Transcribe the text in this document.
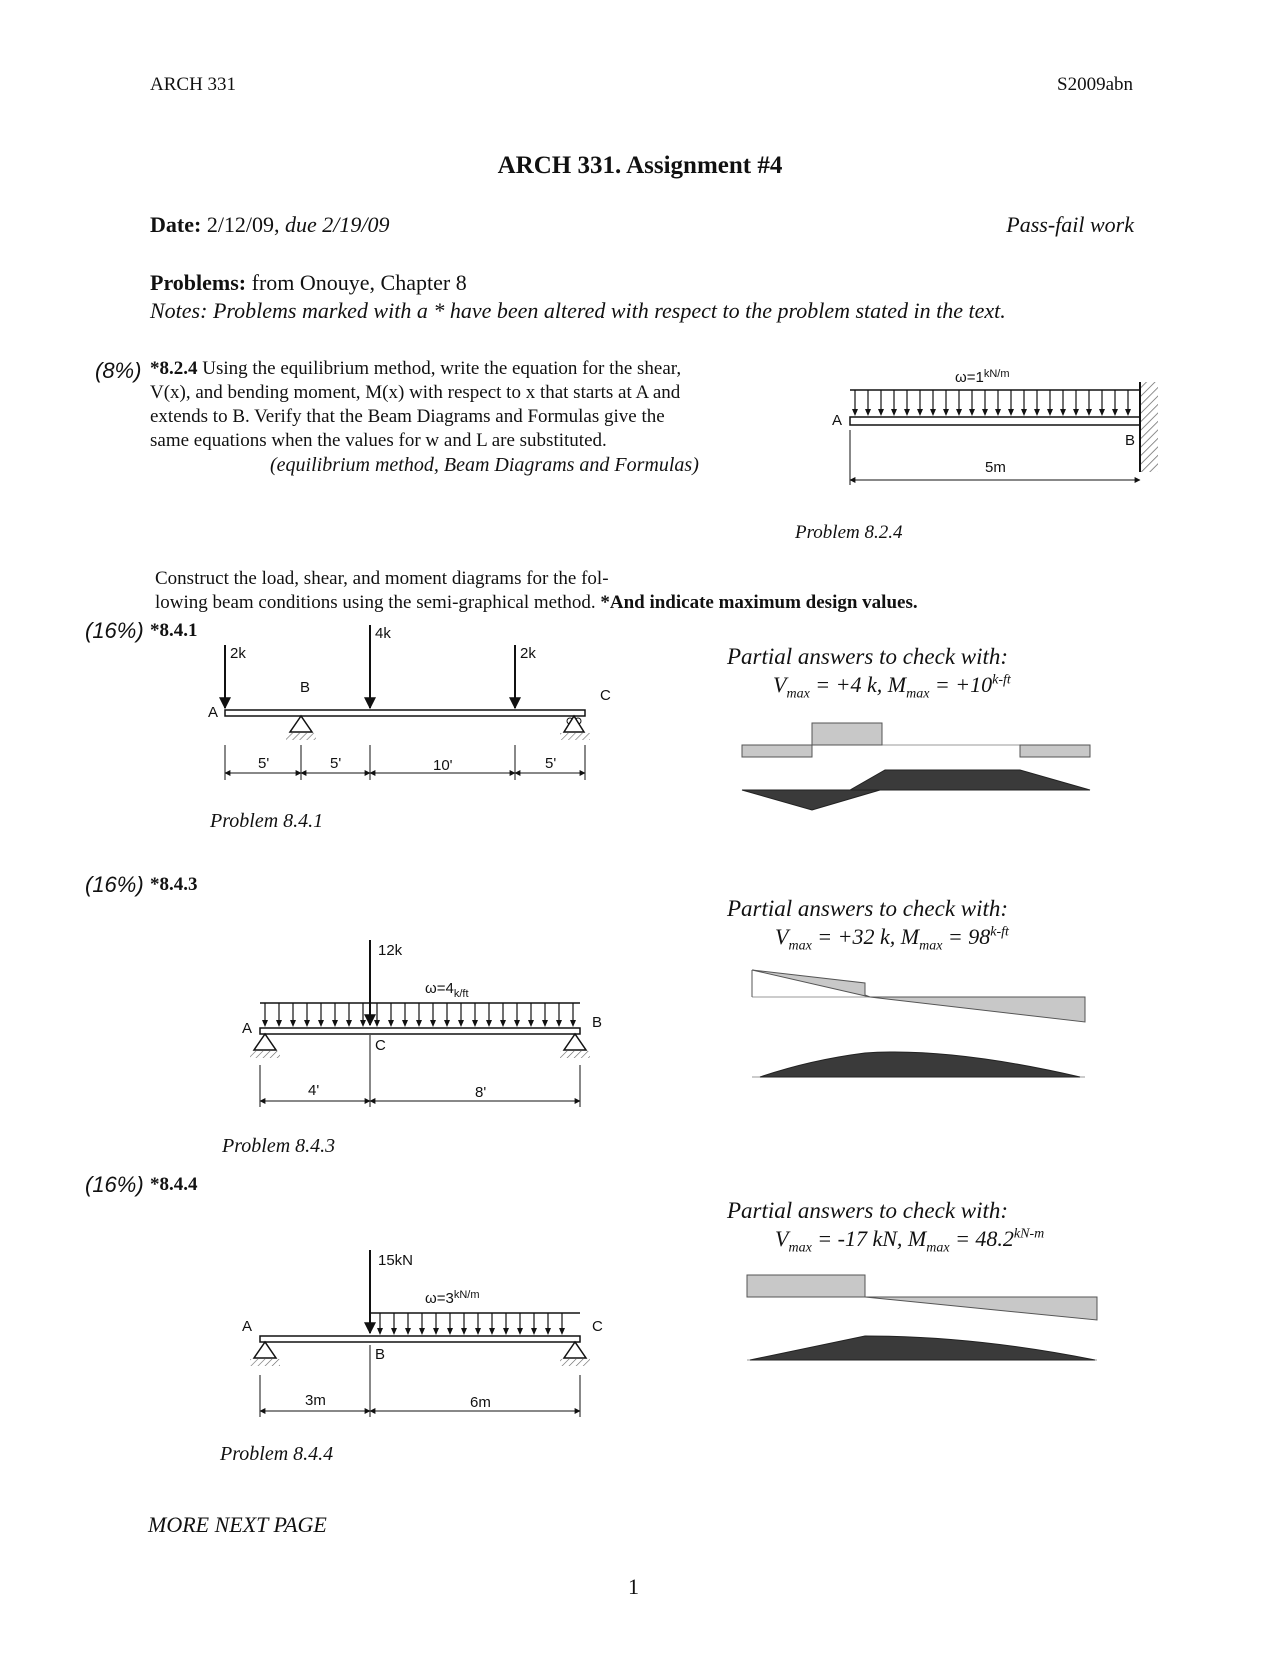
ARCH 331	S2009abn
ARCH 331. Assignment #4
Date: 2/12/09, due 2/19/09	Pass-fail work
Problems: from Onouye, Chapter 8
Notes: Problems marked with a * have been altered with respect to the problem stated in the text.
(8%) *8.2.4 Using the equilibrium method, write the equation for the shear,
V(x), and bending moment, M(x) with respect to x that starts at A and
extends to B. Verify that the Beam Diagrams and Formulas give the
same equations when the values for w and L are substituted.
(equilibrium method, Beam Diagrams and Formulas)
$\omega=1^{kN/m}$
A
B
5m
Problem 8.2.4
Construct the load, shear, and moment diagrams for the fol-
lowing beam conditions using the semi-graphical method. *And indicate maximum design values.
(16%) *8.4.1
2k
4k
2k
A
B	C
5'	5'	10'	5'
Problem 8.4.1
Partial answers to check with:
$V_{max} = +4$ k, $M_{max} = +10^{k-ft}$
(16%) *8.4.3
12k
$\omega=4_{k/ft}$
A	B
C
4'	8'
Problem 8.4.3
Partial answers to check with:
$V_{max} = +32$ k, $M_{max} = 98^{k-ft}$
(16%) *8.4.4
15kN
$\omega=3^{kN/m}$
A
B
C
3m	6m
Problem 8.4.4
Partial answers to check with:
$V_{max} = -17$ kN, $M_{max} = 48.2^{kN-m}$
MORE NEXT PAGE
1
